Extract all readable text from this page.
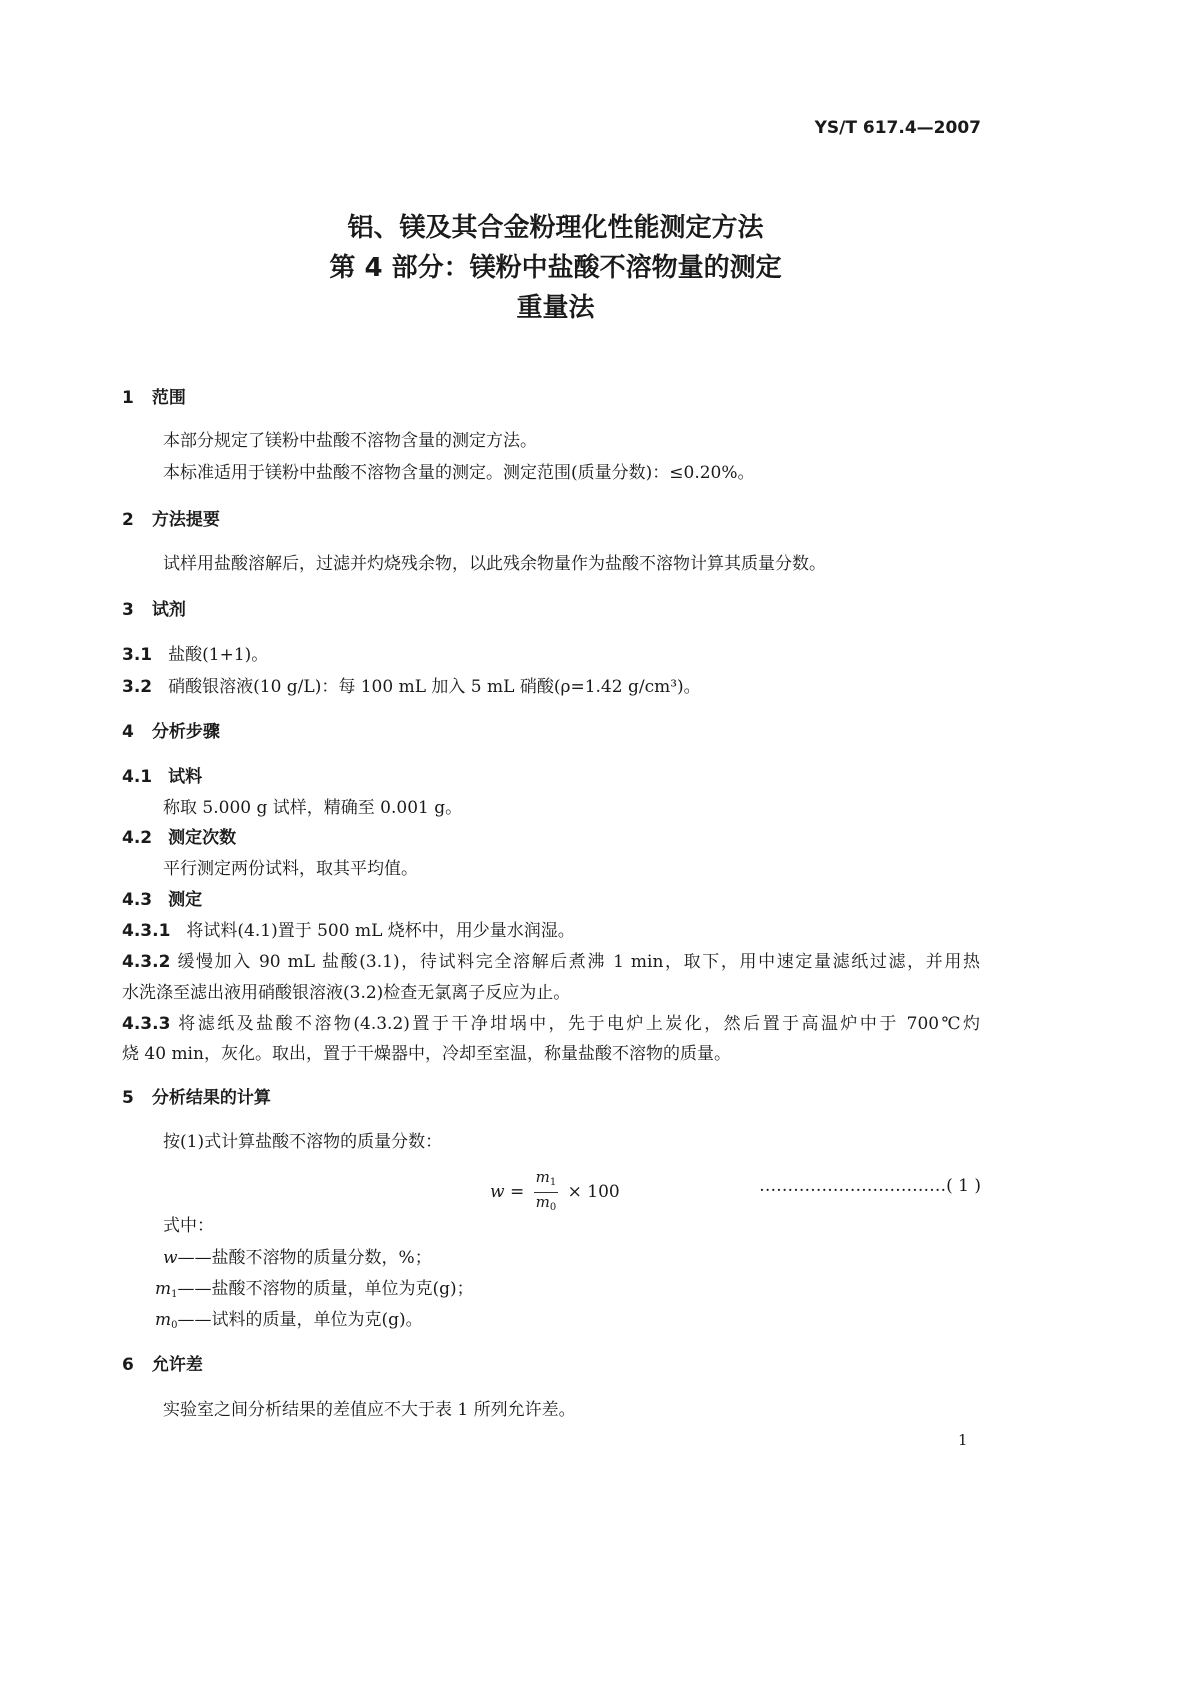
YS/T 617.4—2007
铝、镁及其合金粉理化性能测定方法
第 4 部分：镁粉中盐酸不溶物量的测定
重量法
1 范围
本部分规定了镁粉中盐酸不溶物含量的测定方法。
本标准适用于镁粉中盐酸不溶物含量的测定。测定范围(质量分数)：≤0.20%。
2 方法提要
试样用盐酸溶解后，过滤并灼烧残余物，以此残余物量作为盐酸不溶物计算其质量分数。
3 试剂
3.1 盐酸(1+1)。
3.2 硝酸银溶液(10 g/L)：每 100 mL 加入 5 mL 硝酸(ρ=1.42 g/cm³)。
4 分析步骤
4.1 试料
称取 5.000 g 试样，精确至 0.001 g。
4.2 测定次数
平行测定两份试料，取其平均值。
4.3 测定
4.3.1 将试料(4.1)置于 500 mL 烧杯中，用少量水润湿。
4.3.2 缓慢加入 90 mL 盐酸(3.1)，待试料完全溶解后煮沸 1 min，取下，用中速定量滤纸过滤，并用热
水洗涤至滤出液用硝酸银溶液(3.2)检查无氯离子反应为止。
4.3.3 将滤纸及盐酸不溶物(4.3.2)置于干净坩埚中，先于电炉上炭化，然后置于高温炉中于 700℃灼
烧 40 min，灰化。取出，置于干燥器中，冷却至室温，称量盐酸不溶物的质量。
5 分析结果的计算
按(1)式计算盐酸不溶物的质量分数：
$w = \frac{m_1}{m_0} \times 100$	……………………………( 1 )
式中：
w——盐酸不溶物的质量分数，%；
$m_1——$盐酸不溶物的质量，单位为克(g)；
$m_0——$试料的质量，单位为克(g)。
6 允许差
实验室之间分析结果的差值应不大于表 1 所列允许差。
1
